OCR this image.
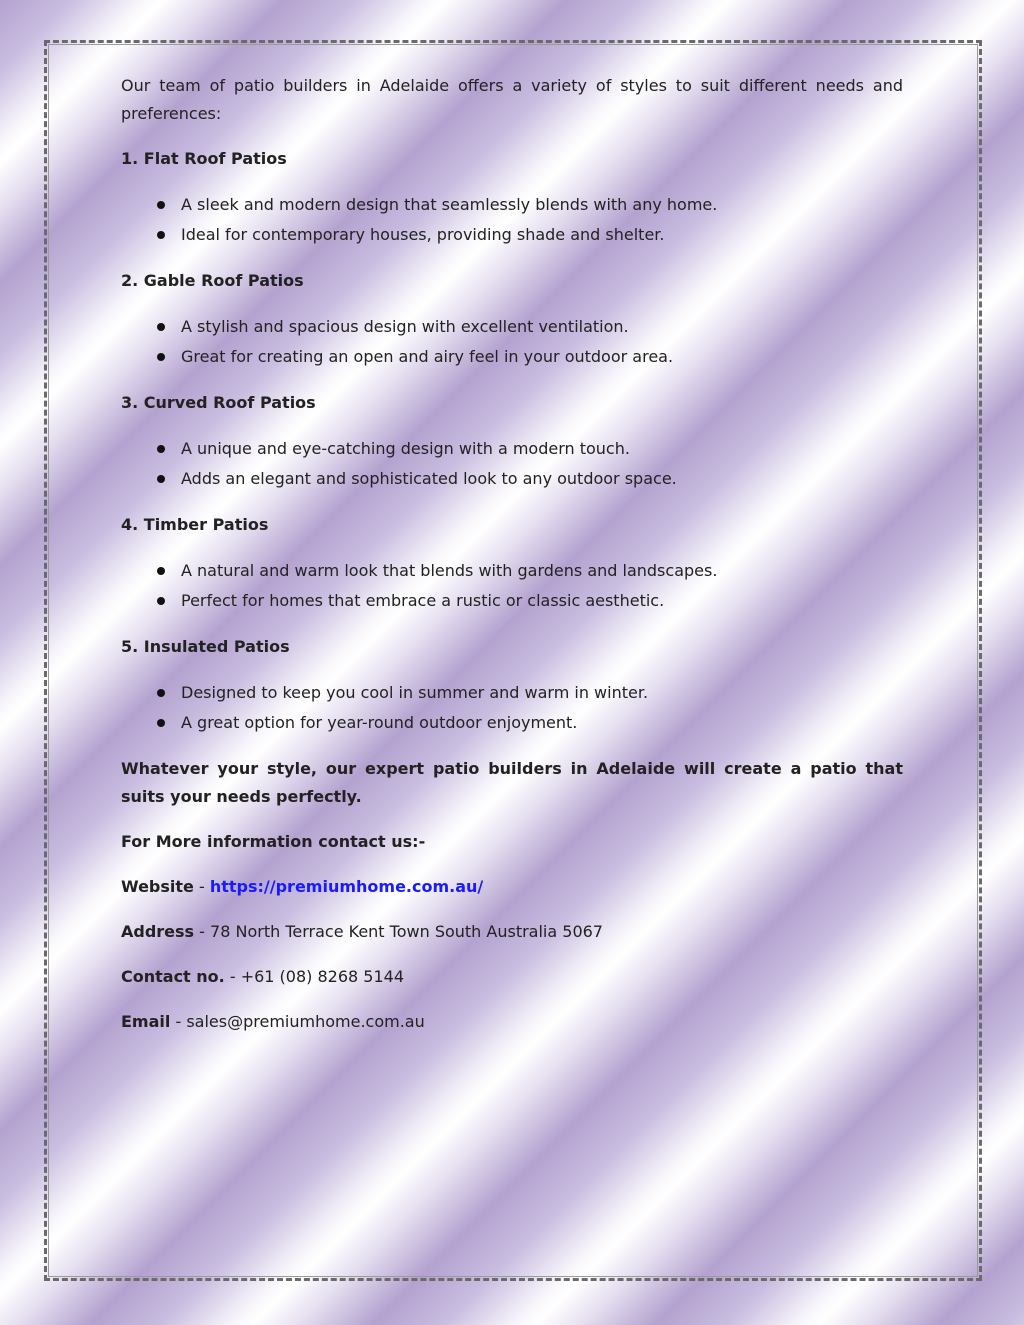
Our team of patio builders in Adelaide offers a variety of styles to suit different needs and preferences:

1. Flat Roof Patios

A sleek and modern design that seamlessly blends with any home.
Ideal for contemporary houses, providing shade and shelter.

2. Gable Roof Patios

A stylish and spacious design with excellent ventilation.
Great for creating an open and airy feel in your outdoor area.

3. Curved Roof Patios

A unique and eye-catching design with a modern touch.
Adds an elegant and sophisticated look to any outdoor space.

4. Timber Patios

A natural and warm look that blends with gardens and landscapes.
Perfect for homes that embrace a rustic or classic aesthetic.

5. Insulated Patios

Designed to keep you cool in summer and warm in winter.
A great option for year-round outdoor enjoyment.

Whatever your style, our expert patio builders in Adelaide will create a patio that suits your needs perfectly.

For More information contact us:-

Website - https://premiumhome.com.au/

Address - 78 North Terrace Kent Town South Australia 5067

Contact no. - +61 (08) 8268 5144

Email - sales@premiumhome.com.au
